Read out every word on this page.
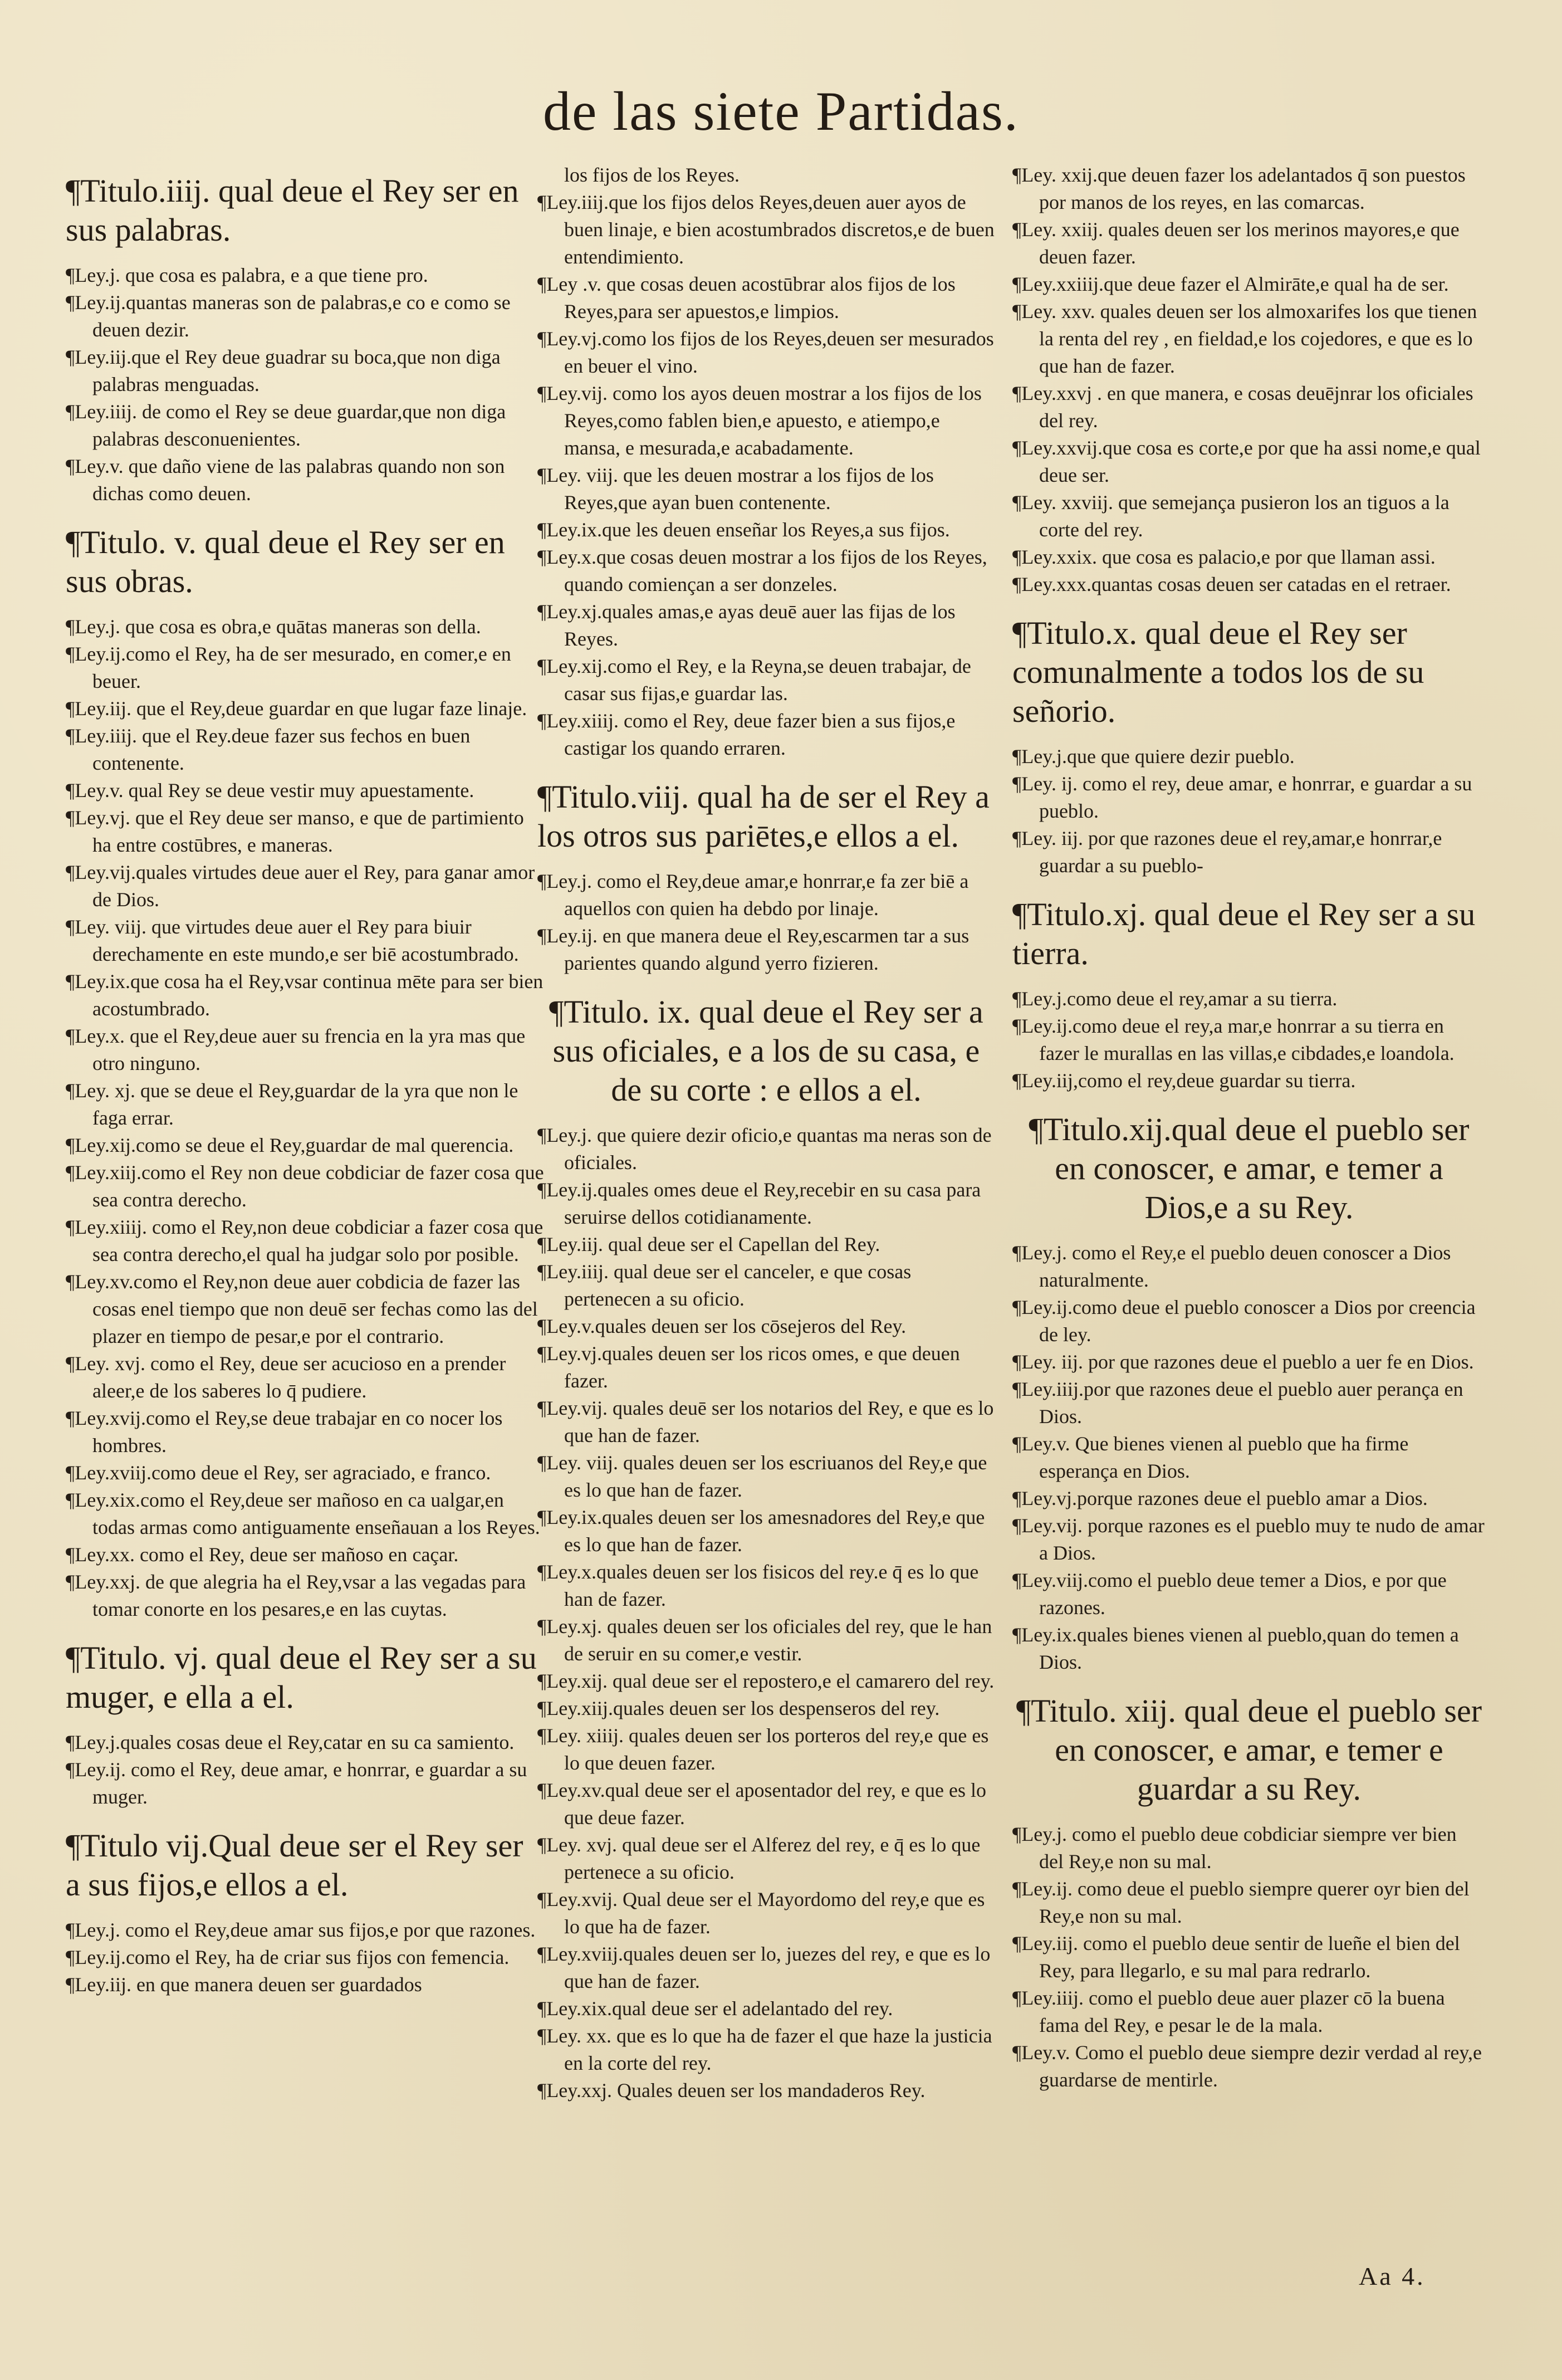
de las siete Partidas.

¶Titulo.iiij. qual deue el Rey ser en sus palabras.

¶Ley.j. que cosa es palabra, e a que tiene pro.

¶Ley.ij.quantas maneras son de palabras,e co e como se deuen dezir.

¶Ley.iij.que el Rey deue guadrar su boca,que non diga palabras menguadas.

¶Ley.iiij. de como el Rey se deue guardar,que non diga palabras desconuenientes.

¶Ley.v. que daño viene de las palabras quando non son dichas como deuen.

¶Titulo. v. qual deue el Rey ser en sus obras.

¶Ley.j. que cosa es obra,e quātas maneras son della.

¶Ley.ij.como el Rey, ha de ser mesurado, en comer,e en beuer.

¶Ley.iij. que el Rey,deue guardar en que lugar faze linaje.

¶Ley.iiij. que el Rey.deue fazer sus fechos en buen contenente.

¶Ley.v. qual Rey se deue vestir muy apuestamente.

¶Ley.vj. que el Rey deue ser manso, e que de partimiento ha entre costūbres, e maneras.

¶Ley.vij.quales virtudes deue auer el Rey, para ganar amor de Dios.

¶Ley. viij. que virtudes deue auer el Rey para biuir derechamente en este mundo,e ser biē acostumbrado.

¶Ley.ix.que cosa ha el Rey,vsar continua mēte para ser bien acostumbrado.

¶Ley.x. que el Rey,deue auer su frencia en la yra mas que otro ninguno.

¶Ley. xj. que se deue el Rey,guardar de la yra que non le faga errar.

¶Ley.xij.como se deue el Rey,guardar de mal querencia.

¶Ley.xiij.como el Rey non deue cobdiciar de fazer cosa que sea contra derecho.

¶Ley.xiiij. como el Rey,non deue cobdiciar a fazer cosa que sea contra derecho,el qual ha judgar solo por posible.

¶Ley.xv.como el Rey,non deue auer cobdicia de fazer las cosas enel tiempo que non deuē ser fechas como las del plazer en tiempo de pesar,e por el contrario.

¶Ley. xvj. como el Rey, deue ser acucioso en a prender aleer,e de los saberes lo q̄ pudiere.

¶Ley.xvij.como el Rey,se deue trabajar en co nocer los hombres.

¶Ley.xviij.como deue el Rey, ser agraciado, e franco.

¶Ley.xix.como el Rey,deue ser mañoso en ca ualgar,en todas armas como antiguamente enseñauan a los Reyes.

¶Ley.xx. como el Rey, deue ser mañoso en caçar.

¶Ley.xxj. de que alegria ha el Rey,vsar a las vegadas para tomar conorte en los pesares,e en las cuytas.

¶Titulo. vj. qual deue el Rey ser a su muger, e ella a el.

¶Ley.j.quales cosas deue el Rey,catar en su ca samiento.

¶Ley.ij. como el Rey, deue amar, e honrrar, e guardar a su muger.

¶Titulo vij.Qual deue ser el Rey ser a sus fijos,e ellos a el.

¶Ley.j. como el Rey,deue amar sus fijos,e por que razones.

¶Ley.ij.como el Rey, ha de criar sus fijos con femencia.

¶Ley.iij. en que manera deuen ser guardados

los fijos de los Reyes.

¶Ley.iiij.que los fijos delos Reyes,deuen auer ayos de buen linaje, e bien acostumbrados discretos,e de buen entendimiento.

¶Ley .v. que cosas deuen acostūbrar alos fijos de los Reyes,para ser apuestos,e limpios.

¶Ley.vj.como los fijos de los Reyes,deuen ser mesurados en beuer el vino.

¶Ley.vij. como los ayos deuen mostrar a los fijos de los Reyes,como fablen bien,e apuesto, e atiempo,e mansa, e mesurada,e acabadamente.

¶Ley. viij. que les deuen mostrar a los fijos de los Reyes,que ayan buen contenente.

¶Ley.ix.que les deuen enseñar los Reyes,a sus fijos.

¶Ley.x.que cosas deuen mostrar a los fijos de los Reyes, quando comiençan a ser donzeles.

¶Ley.xj.quales amas,e ayas deuē auer las fijas de los Reyes.

¶Ley.xij.como el Rey, e la Reyna,se deuen trabajar, de casar sus fijas,e guardar las.

¶Ley.xiiij. como el Rey, deue fazer bien a sus fijos,e castigar los quando erraren.

¶Titulo.viij. qual ha de ser el Rey a los otros sus pariētes,e ellos a el.

¶Ley.j. como el Rey,deue amar,e honrrar,e fa zer biē a aquellos con quien ha debdo por linaje.

¶Ley.ij. en que manera deue el Rey,escarmen tar a sus parientes quando algund yerro fizieren.

¶Titulo. ix. qual deue el Rey ser a sus oficiales, e a los de su casa, e de su corte : e ellos a el.

¶Ley.j. que quiere dezir oficio,e quantas ma neras son de oficiales.

¶Ley.ij.quales omes deue el Rey,recebir en su casa para seruirse dellos cotidianamente.

¶Ley.iij. qual deue ser el Capellan del Rey.

¶Ley.iiij. qual deue ser el canceler, e que cosas pertenecen a su oficio.

¶Ley.v.quales deuen ser los cōsejeros del Rey.

¶Ley.vj.quales deuen ser los ricos omes, e que deuen fazer.

¶Ley.vij. quales deuē ser los notarios del Rey, e que es lo que han de fazer.

¶Ley. viij. quales deuen ser los escriuanos del Rey,e que es lo que han de fazer.

¶Ley.ix.quales deuen ser los amesnadores del Rey,e que es lo que han de fazer.

¶Ley.x.quales deuen ser los fisicos del rey.e q̄ es lo que han de fazer.

¶Ley.xj. quales deuen ser los oficiales del rey, que le han de seruir en su comer,e vestir.

¶Ley.xij. qual deue ser el repostero,e el camarero del rey.

¶Ley.xiij.quales deuen ser los despenseros del rey.

¶Ley. xiiij. quales deuen ser los porteros del rey,e que es lo que deuen fazer.

¶Ley.xv.qual deue ser el aposentador del rey, e que es lo que deue fazer.

¶Ley. xvj. qual deue ser el Alferez del rey, e q̄ es lo que pertenece a su oficio.

¶Ley.xvij. Qual deue ser el Mayordomo del rey,e que es lo que ha de fazer.

¶Ley.xviij.quales deuen ser lo, juezes del rey, e que es lo que han de fazer.

¶Ley.xix.qual deue ser el adelantado del rey.

¶Ley. xx. que es lo que ha de fazer el que haze la justicia en la corte del rey.

¶Ley.xxj. Quales deuen ser los mandaderos Rey.

¶Ley. xxij.que deuen fazer los adelantados q̄ son puestos por manos de los reyes, en las comarcas.

¶Ley. xxiij. quales deuen ser los merinos mayores,e que deuen fazer.

¶Ley.xxiiij.que deue fazer el Almirāte,e qual ha de ser.

¶Ley. xxv. quales deuen ser los almoxarifes los que tienen la renta del rey , en fieldad,e los cojedores, e que es lo que han de fazer.

¶Ley.xxvj . en que manera, e cosas deuējnrar los oficiales del rey.

¶Ley.xxvij.que cosa es corte,e por que ha assi nome,e qual deue ser.

¶Ley. xxviij. que semejança pusieron los an tiguos a la corte del rey.

¶Ley.xxix. que cosa es palacio,e por que llaman assi.

¶Ley.xxx.quantas cosas deuen ser catadas en el retraer.

¶Titulo.x. qual deue el Rey ser comunalmente a todos los de su señorio.

¶Ley.j.que que quiere dezir pueblo.

¶Ley. ij. como el rey, deue amar, e honrrar, e guardar a su pueblo.

¶Ley. iij. por que razones deue el rey,amar,e honrrar,e guardar a su pueblo-

¶Titulo.xj. qual deue el Rey ser a su tierra.

¶Ley.j.como deue el rey,amar a su tierra.

¶Ley.ij.como deue el rey,a mar,e honrrar a su tierra en fazer le murallas en las villas,e cibdades,e loandola.

¶Ley.iij,como el rey,deue guardar su tierra.

¶Titulo.xij.qual deue el pueblo ser en conoscer, e amar, e temer a Dios,e a su Rey.

¶Ley.j. como el Rey,e el pueblo deuen conoscer a Dios naturalmente.

¶Ley.ij.como deue el pueblo conoscer a Dios por creencia de ley.

¶Ley. iij. por que razones deue el pueblo a uer fe en Dios.

¶Ley.iiij.por que razones deue el pueblo auer perança en Dios.

¶Ley.v. Que bienes vienen al pueblo que ha firme esperança en Dios.

¶Ley.vj.porque razones deue el pueblo amar a Dios.

¶Ley.vij. porque razones es el pueblo muy te nudo de amar a Dios.

¶Ley.viij.como el pueblo deue temer a Dios, e por que razones.

¶Ley.ix.quales bienes vienen al pueblo,quan do temen a Dios.

¶Titulo. xiij. qual deue el pueblo ser en conoscer, e amar, e temer e guardar a su Rey.

¶Ley.j. como el pueblo deue cobdiciar siempre ver bien del Rey,e non su mal.

¶Ley.ij. como deue el pueblo siempre querer oyr bien del Rey,e non su mal.

¶Ley.iij. como el pueblo deue sentir de lueñe el bien del Rey, para llegarlo, e su mal para redrarlo.

¶Ley.iiij. como el pueblo deue auer plazer cō la buena fama del Rey, e pesar le de la mala.

¶Ley.v. Como el pueblo deue siempre dezir verdad al rey,e guardarse de mentirle.

Aa 4.
